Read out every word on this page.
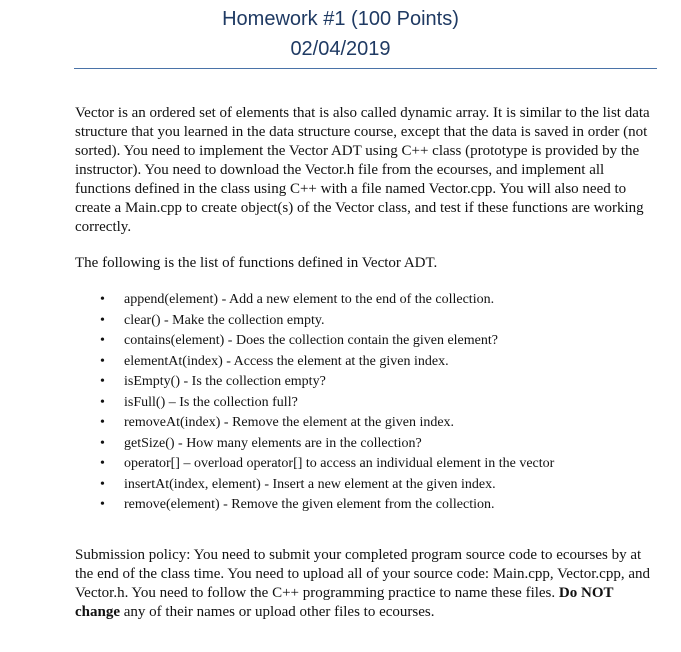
Homework #1 (100 Points)
02/04/2019

Vector is an ordered set of elements that is also called dynamic array. It is similar to the list data structure that you learned in the data structure course, except that the data is saved in order (not sorted). You need to implement the Vector ADT using C++ class (prototype is provided by the instructor). You need to download the Vector.h file from the ecourses, and implement all functions defined in the class using C++ with a file named Vector.cpp. You will also need to create a Main.cpp to create object(s) of the Vector class, and test if these functions are working correctly.

The following is the list of functions defined in Vector ADT.

• append(element) - Add a new element to the end of the collection.
• clear() - Make the collection empty.
• contains(element) - Does the collection contain the given element?
• elementAt(index) - Access the element at the given index.
• isEmpty() - Is the collection empty?
• isFull() – Is the collection full?
• removeAt(index) - Remove the element at the given index.
• getSize() - How many elements are in the collection?
• operator[] – overload operator[] to access an individual element in the vector
• insertAt(index, element) - Insert a new element at the given index.
• remove(element) - Remove the given element from the collection.

Submission policy: You need to submit your completed program source code to ecourses by at the end of the class time. You need to upload all of your source code: Main.cpp, Vector.cpp, and Vector.h. You need to follow the C++ programming practice to name these files. Do NOT change any of their names or upload other files to ecourses.
